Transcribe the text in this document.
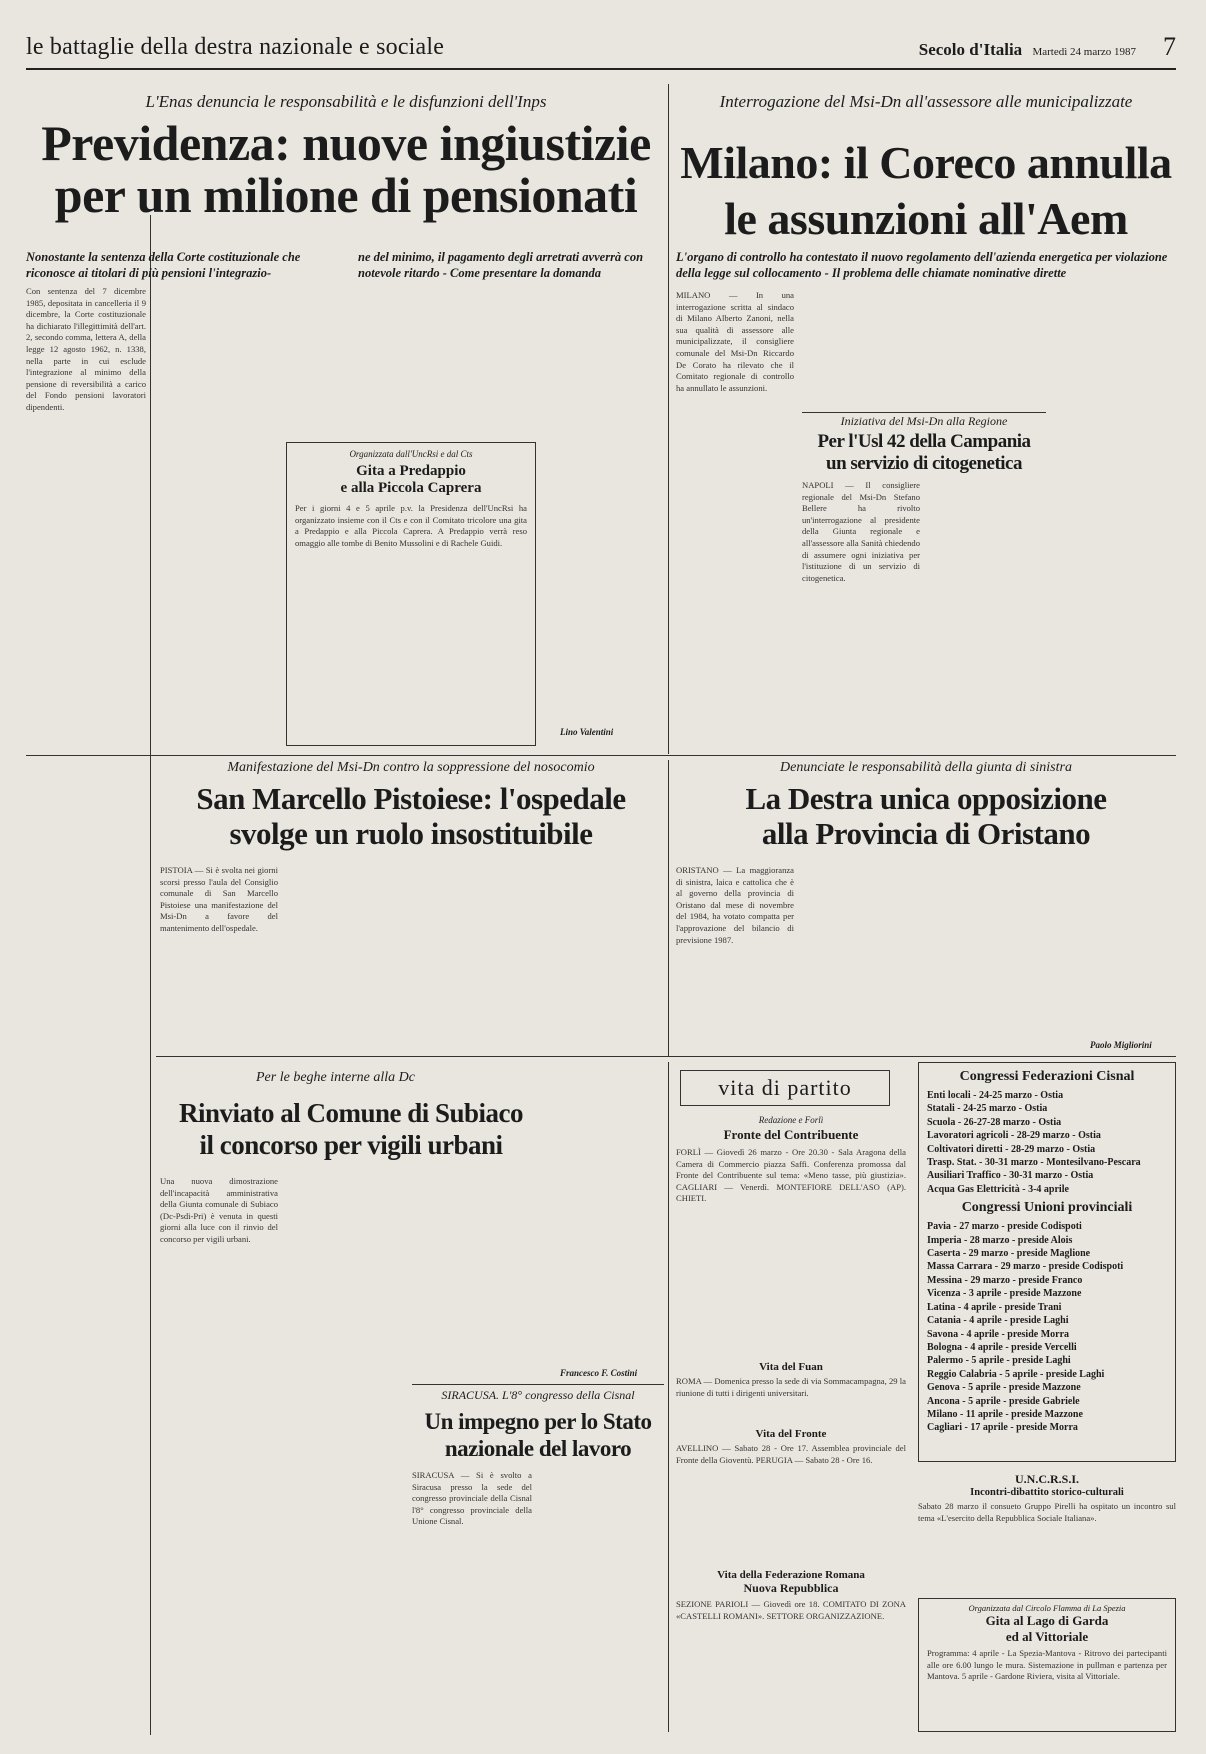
le battaglie della destra nazionale e sociale	Secolo d'Italia Martedì 24 marzo 1987 7
L'Enas denuncia le responsabilità e le disfunzioni dell'Inps
Previdenza: nuove ingiustizie
per un milione di pensionati
Nonostante la sentenza della Corte costituzionale che riconosce ai titolari di più pensioni l'integrazio-
ne del minimo, il pagamento degli arretrati avverrà con notevole ritardo - Come presentare la domanda
Con sentenza del 7 dicembre 1985, depositata in cancelleria il 9 dicembre, la Corte costituzionale ha dichiarato l'illegittimità dell'art. 2, secondo comma, lettera A, della legge 12 agosto 1962, n. 1338, nella parte in cui esclude l'integrazione al minimo della pensione di reversibilità a carico del Fondo pensioni lavoratori dipendenti.
Lino Valentini
Organizzata dall'UncRsi e dal Cts
Gita a Predappio
e alla Piccola Caprera
Per i giorni 4 e 5 aprile p.v. la Presidenza dell'UncRsi ha organizzato insieme con il Cts e con il Comitato tricolore una gita a Predappio e alla Piccola Caprera. A Predappio verrà reso omaggio alle tombe di Benito Mussolini e di Rachele Guidi.
Interrogazione del Msi-Dn all'assessore alle municipalizzate
Milano: il Coreco annulla
le assunzioni all'Aem
L'organo di controllo ha contestato il nuovo regolamento dell'azienda energetica per violazione della legge sul collocamento - Il problema delle chiamate nominative dirette
MILANO — In una interrogazione scritta al sindaco di Milano Alberto Zanoni, nella sua qualità di assessore alle municipalizzate, il consigliere comunale del Msi-Dn Riccardo De Corato ha rilevato che il Comitato regionale di controllo ha annullato le assunzioni.
Iniziativa del Msi-Dn alla Regione
Per l'Usl 42 della Campania
un servizio di citogenetica
NAPOLI — Il consigliere regionale del Msi-Dn Stefano Bellere ha rivolto un'interrogazione al presidente della Giunta regionale e all'assessore alla Sanità chiedendo di assumere ogni iniziativa per l'istituzione di un servizio di citogenetica.
Manifestazione del Msi-Dn contro la soppressione del nosocomio
San Marcello Pistoiese: l'ospedale
svolge un ruolo insostituibile
PISTOIA — Si è svolta nei giorni scorsi presso l'aula del Consiglio comunale di San Marcello Pistoiese una manifestazione del Msi-Dn a favore del mantenimento dell'ospedale.
Denunciate le responsabilità della giunta di sinistra
La Destra unica opposizione
alla Provincia di Oristano
ORISTANO — La maggioranza di sinistra, laica e cattolica che è al governo della provincia di Oristano dal mese di novembre del 1984, ha votato compatta per l'approvazione del bilancio di previsione 1987.
Paolo Migliorini
Per le beghe interne alla Dc
Rinviato al Comune di Subiaco
il concorso per vigili urbani
Una nuova dimostrazione dell'incapacità amministrativa della Giunta comunale di Subiaco (Dc-Psdi-Pri) è venuta in questi giorni alla luce con il rinvio del concorso per vigili urbani.
Francesco F. Costini
SIRACUSA. L'8° congresso della Cisnal
Un impegno per lo Stato
nazionale del lavoro
SIRACUSA — Si è svolto a Siracusa presso la sede del congresso provinciale della Cisnal l'8° congresso provinciale della Unione Cisnal.
vita di partito
Redazione e Forlì
Fronte del Contribuente
FORLÌ — Giovedì 26 marzo - Ore 20.30 - Sala Aragona della Camera di Commercio piazza Saffi. Conferenza promossa dal Fronte del Contribuente sul tema: «Meno tasse, più giustizia». CAGLIARI — Venerdì. MONTEFIORE DELL'ASO (AP). CHIETI.
Vita del Fuan
ROMA — Domenica presso la sede di via Sommacampagna, 29 la riunione di tutti i dirigenti universitari.
Vita del Fronte
AVELLINO — Sabato 28 - Ore 17. Assemblea provinciale del Fronte della Gioventù. PERUGIA — Sabato 28 - Ore 16.
Vita della Federazione Romana
Nuova Repubblica
SEZIONE PARIOLI — Giovedì ore 18. COMITATO DI ZONA «CASTELLI ROMANI». SETTORE ORGANIZZAZIONE.
Congressi Federazioni Cisnal
Enti locali - 24-25 marzo - Ostia
Statali - 24-25 marzo - Ostia
Scuola - 26-27-28 marzo - Ostia
Lavoratori agricoli - 28-29 marzo - Ostia
Coltivatori diretti - 28-29 marzo - Ostia
Trasp. Stat. - 30-31 marzo - Montesilvano-Pescara
Ausiliari Traffico - 30-31 marzo - Ostia
Acqua Gas Elettricità - 3-4 aprile
Congressi Unioni provinciali
Pavia - 27 marzo - preside Codispoti
Imperia - 28 marzo - preside Alois
Caserta - 29 marzo - preside Maglione
Massa Carrara - 29 marzo - preside Codispoti
Messina - 29 marzo - preside Franco
Vicenza - 3 aprile - preside Mazzone
Latina - 4 aprile - preside Trani
Catania - 4 aprile - preside Laghi
Savona - 4 aprile - preside Morra
Bologna - 4 aprile - preside Vercelli
Palermo - 5 aprile - preside Laghi
Reggio Calabria - 5 aprile - preside Laghi
Genova - 5 aprile - preside Mazzone
Ancona - 5 aprile - preside Gabriele
Milano - 11 aprile - preside Mazzone
Cagliari - 17 aprile - preside Morra
U.N.C.R.S.I.
Incontri-dibattito storico-culturali
Sabato 28 marzo il consueto Gruppo Pirelli ha ospitato un incontro sul tema «L'esercito della Repubblica Sociale Italiana».
Organizzata dal Circolo Flamma di La Spezia
Gita al Lago di Garda
ed al Vittoriale
Programma: 4 aprile - La Spezia-Mantova - Ritrovo dei partecipanti alle ore 6.00 lungo le mura. Sistemazione in pullman e partenza per Mantova. 5 aprile - Gardone Riviera, visita al Vittoriale.
